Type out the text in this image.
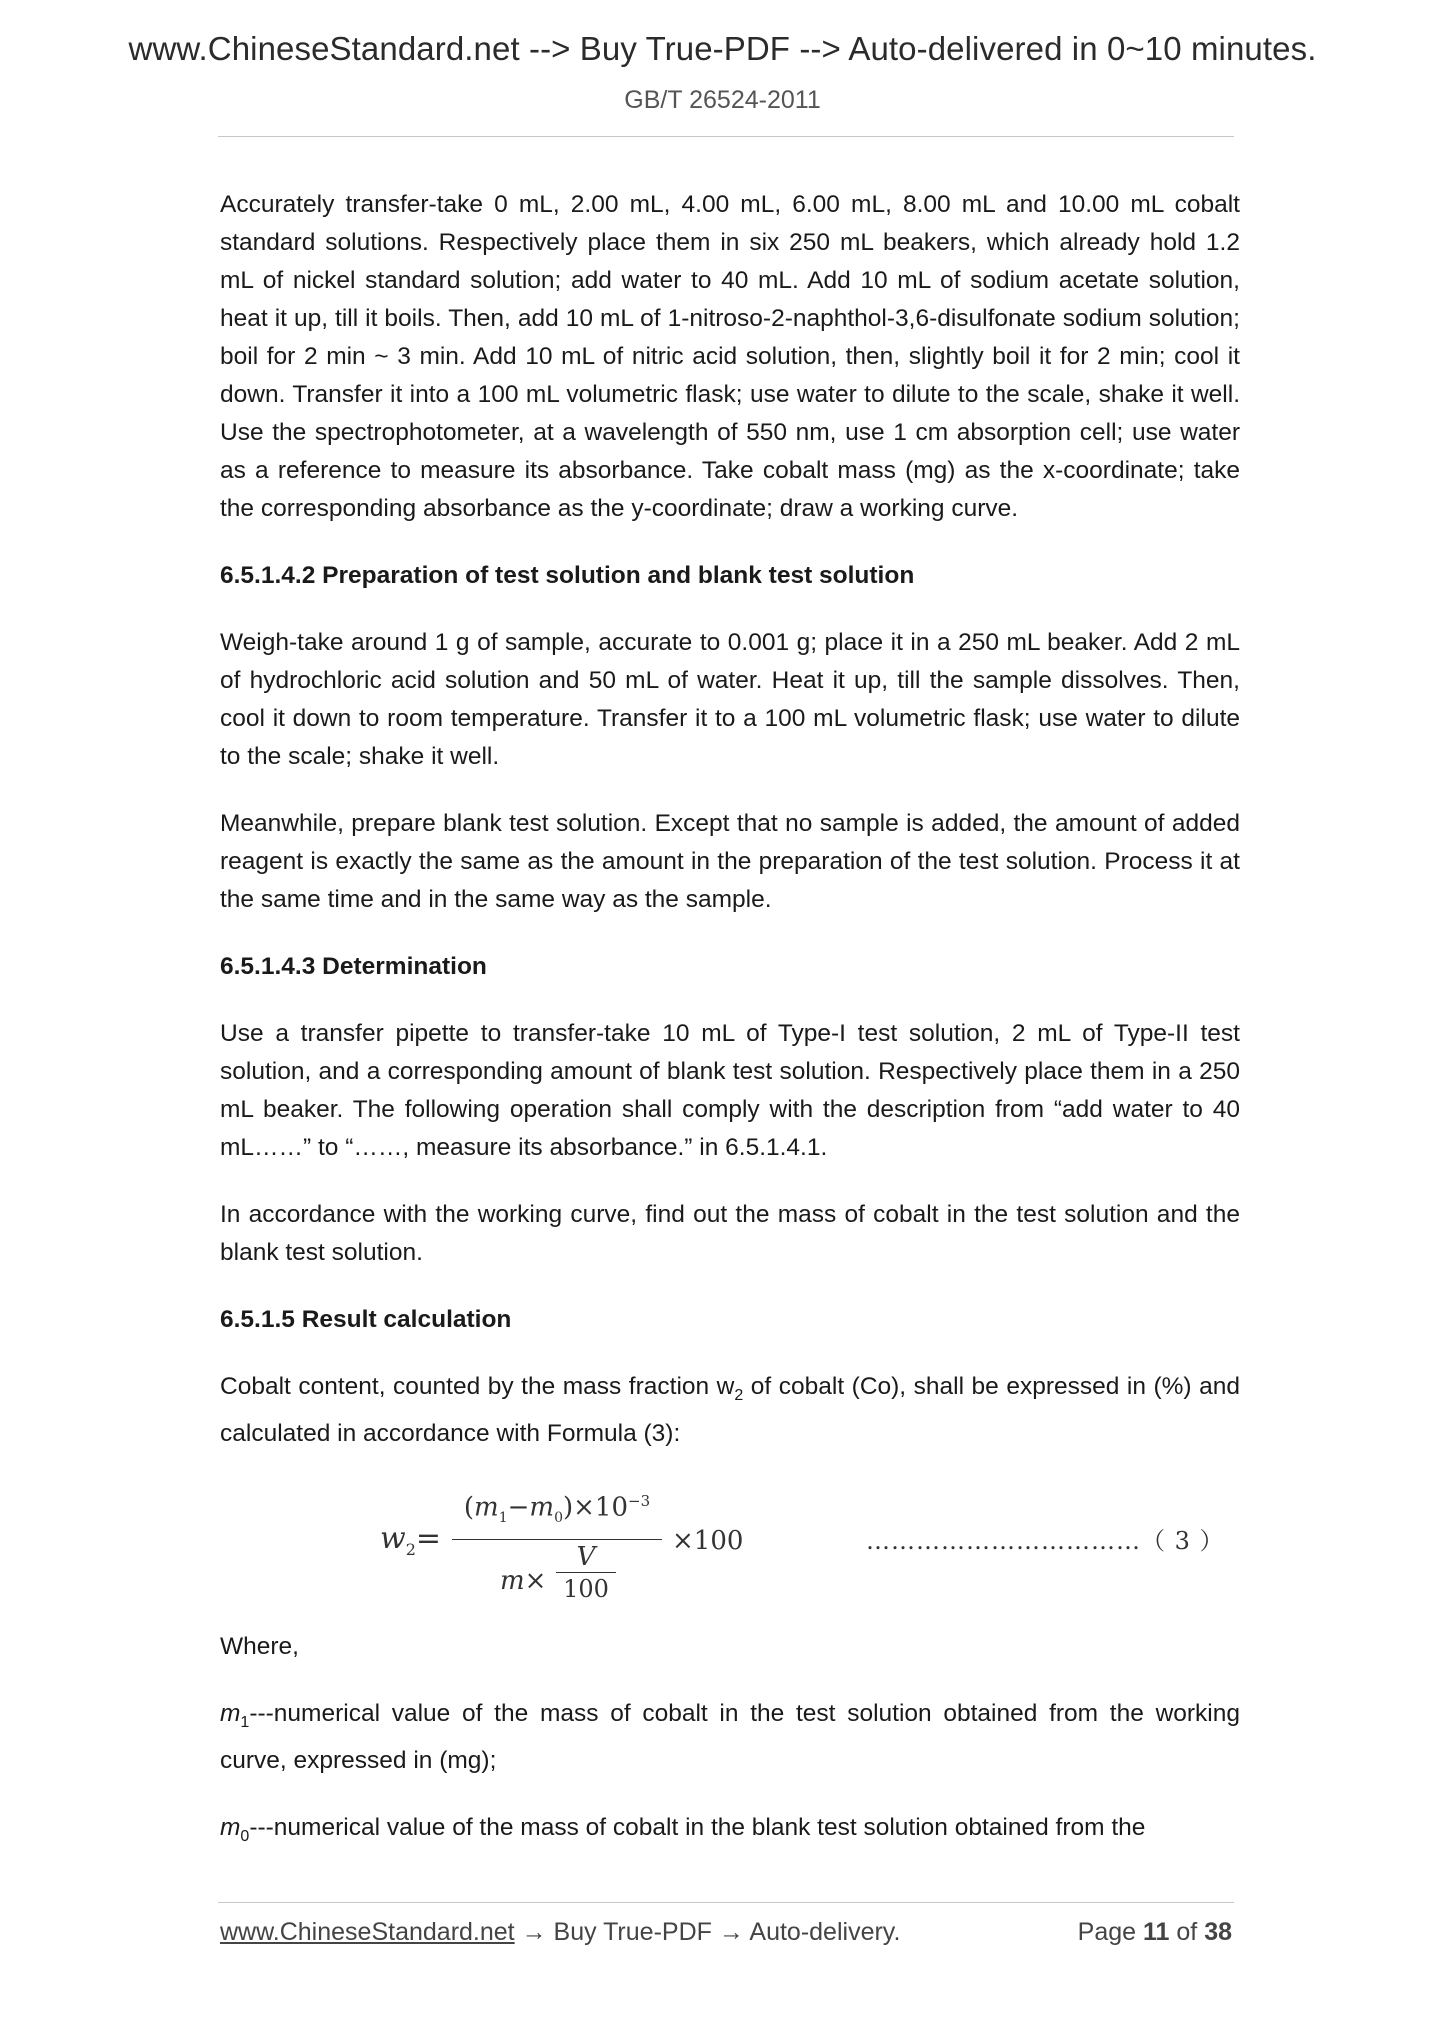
www.ChineseStandard.net --> Buy True-PDF --> Auto-delivered in 0~10 minutes.
GB/T 26524-2011

Accurately transfer-take 0 mL, 2.00 mL, 4.00 mL, 6.00 mL, 8.00 mL and 10.00 mL cobalt standard solutions. Respectively place them in six 250 mL beakers, which already hold 1.2 mL of nickel standard solution; add water to 40 mL. Add 10 mL of sodium acetate solution, heat it up, till it boils. Then, add 10 mL of 1-nitroso-2-naphthol-3,6-disulfonate sodium solution; boil for 2 min ~ 3 min. Add 10 mL of nitric acid solution, then, slightly boil it for 2 min; cool it down. Transfer it into a 100 mL volumetric flask; use water to dilute to the scale, shake it well. Use the spectrophotometer, at a wavelength of 550 nm, use 1 cm absorption cell; use water as a reference to measure its absorbance. Take cobalt mass (mg) as the x-coordinate; take the corresponding absorbance as the y-coordinate; draw a working curve.

6.5.1.4.2 Preparation of test solution and blank test solution

Weigh-take around 1 g of sample, accurate to 0.001 g; place it in a 250 mL beaker. Add 2 mL of hydrochloric acid solution and 50 mL of water. Heat it up, till the sample dissolves. Then, cool it down to room temperature. Transfer it to a 100 mL volumetric flask; use water to dilute to the scale; shake it well.

Meanwhile, prepare blank test solution. Except that no sample is added, the amount of added reagent is exactly the same as the amount in the preparation of the test solution. Process it at the same time and in the same way as the sample.

6.5.1.4.3 Determination

Use a transfer pipette to transfer-take 10 mL of Type-I test solution, 2 mL of Type-II test solution, and a corresponding amount of blank test solution. Respectively place them in a 250 mL beaker. The following operation shall comply with the description from “add water to 40 mL……” to “……, measure its absorbance.” in 6.5.1.4.1.

In accordance with the working curve, find out the mass of cobalt in the test solution and the blank test solution.

6.5.1.5 Result calculation

Cobalt content, counted by the mass fraction $w_2$ of cobalt (Co), shall be expressed in (%) and calculated in accordance with Formula (3):

$w_2= (m_1-m_0)\times 10^{-3}$
m×
V
100 ×100	……………………………（ 3 ）

Where,

$m_1--$-numerical value of the mass of cobalt in the test solution obtained from the working curve, expressed in (mg);

$m_0--$-numerical value of the mass of cobalt in the blank test solution obtained from the

www.ChineseStandard.net → Buy True-PDF → Auto-delivery.	Page 11 of 38
